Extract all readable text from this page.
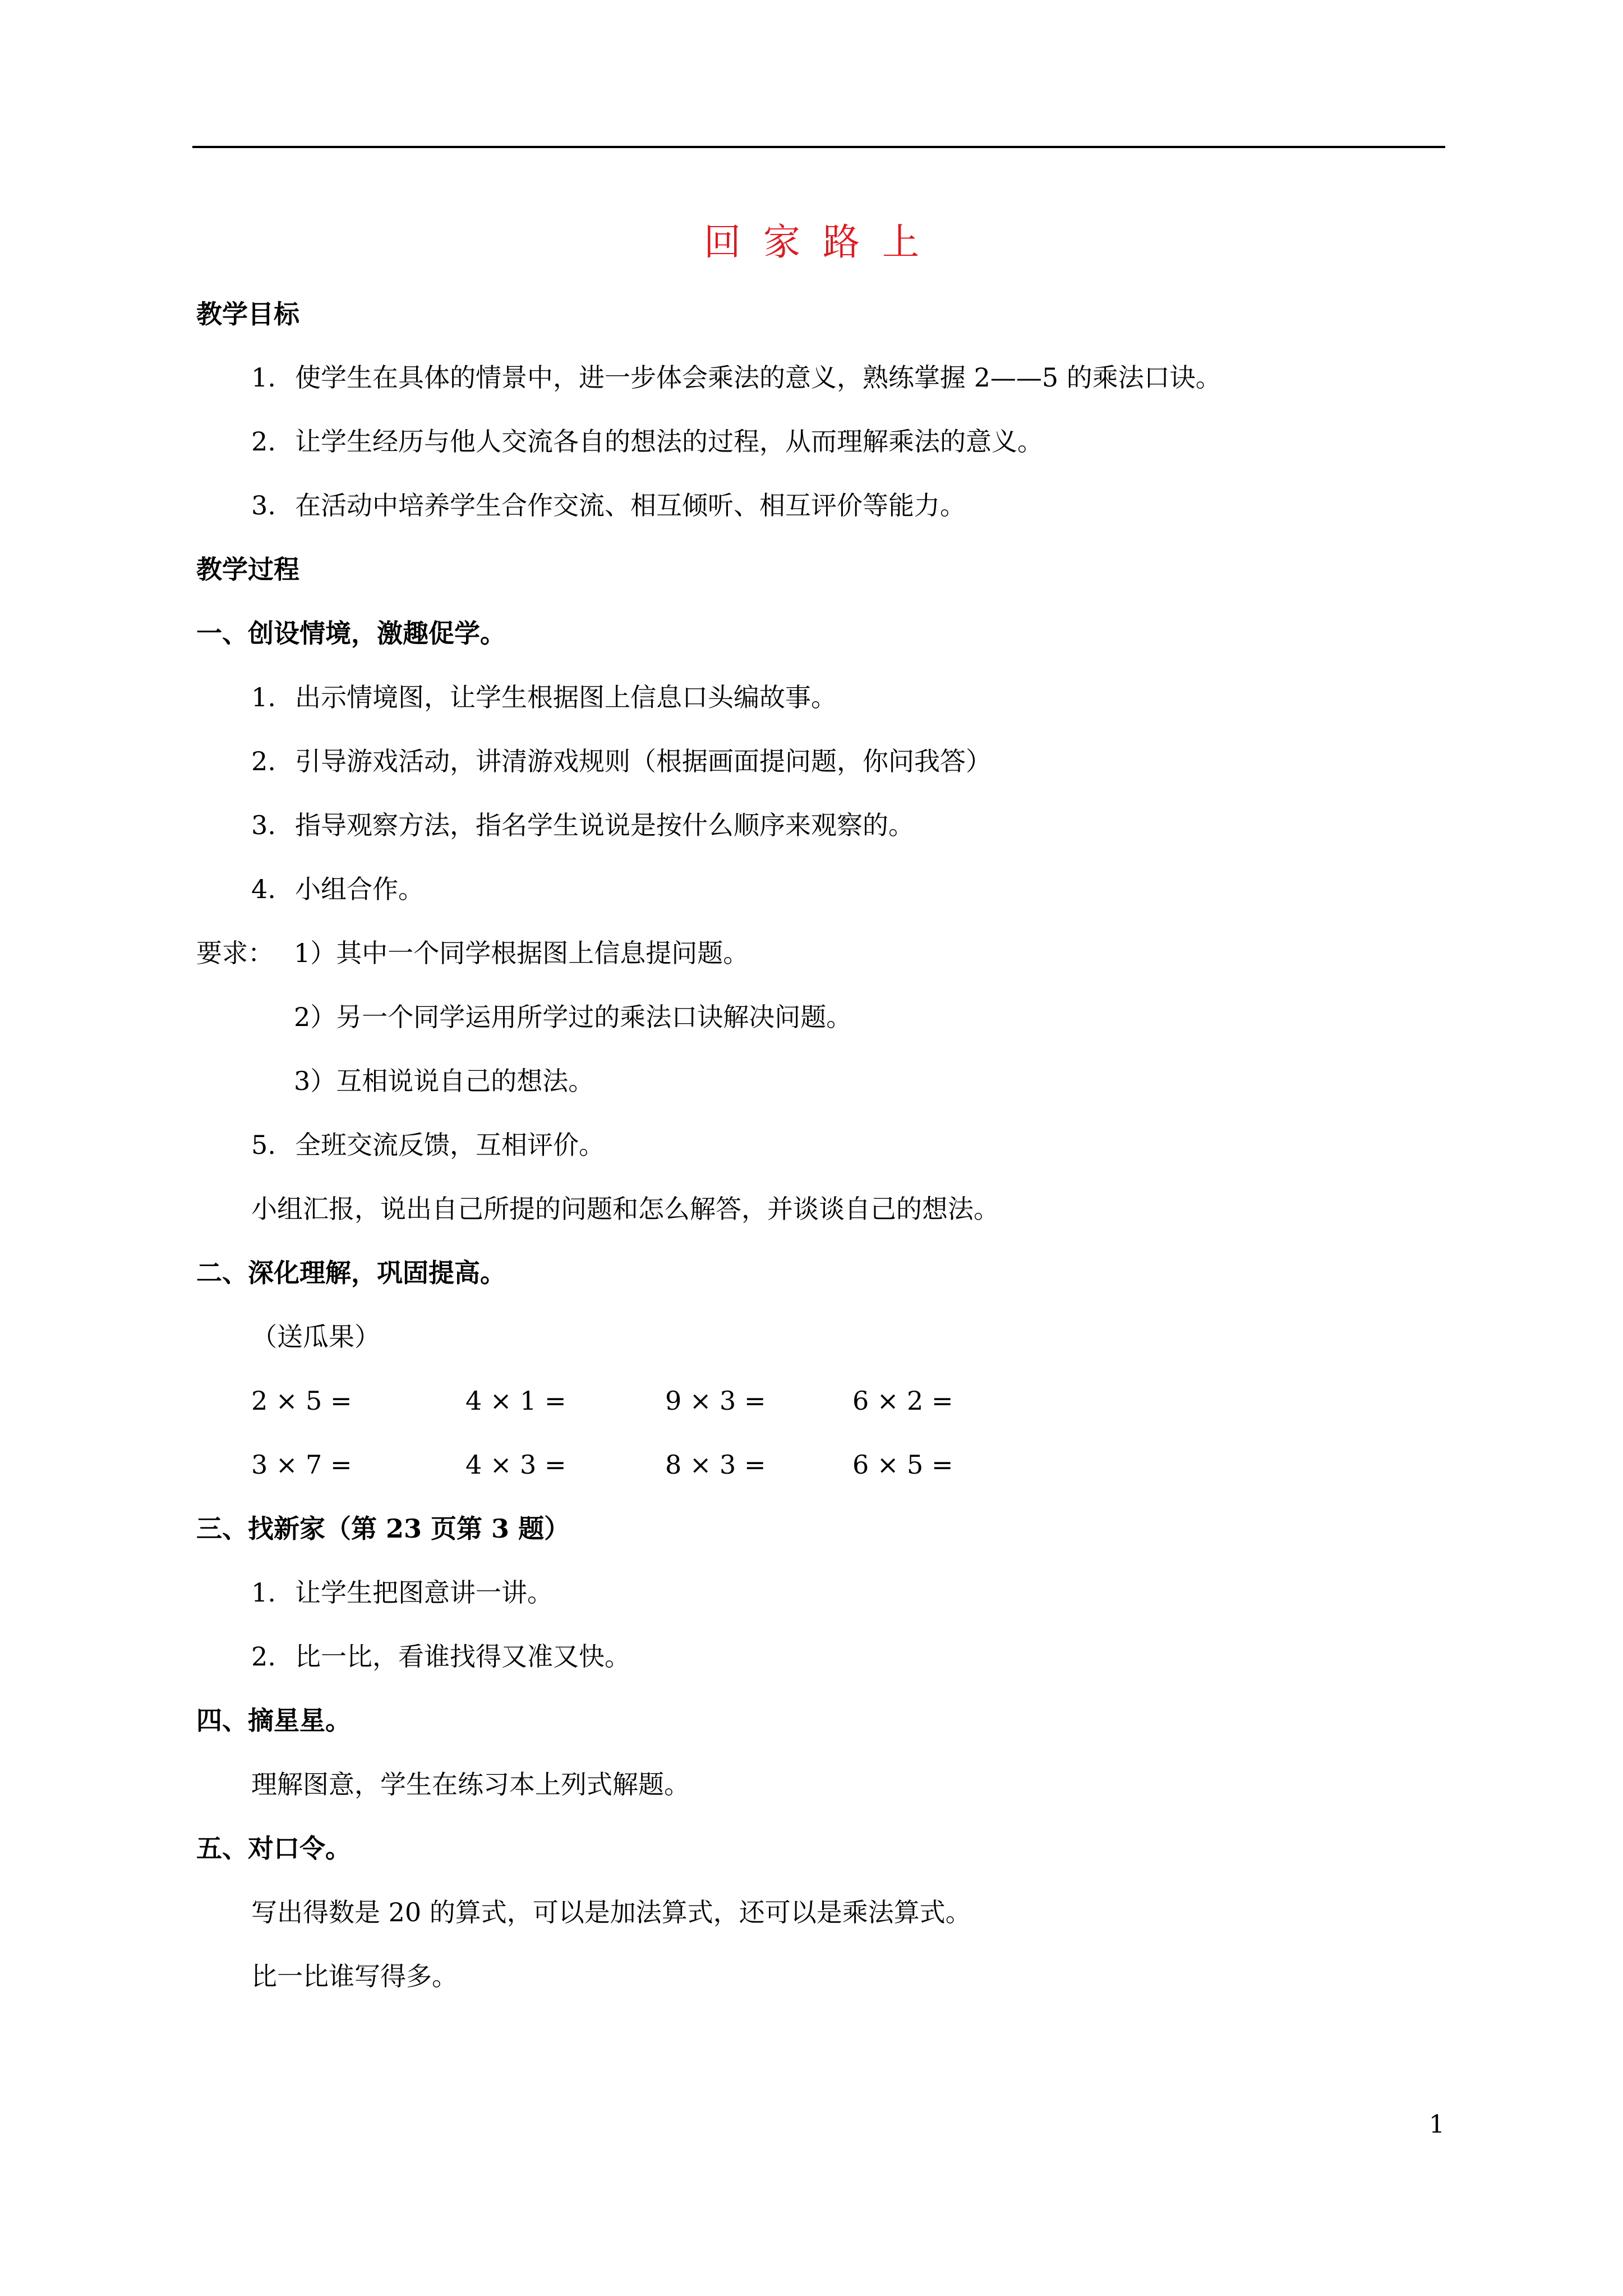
回家路上
教学目标
1. 使学生在具体的情景中，进一步体会乘法的意义，熟练掌握 2——5 的乘法口诀。
2. 让学生经历与他人交流各自的想法的过程，从而理解乘法的意义。
3. 在活动中培养学生合作交流、相互倾听、相互评价等能力。
教学过程
一、创设情境，激趣促学。
1. 出示情境图，让学生根据图上信息口头编故事。
2. 引导游戏活动，讲清游戏规则（根据画面提问题，你问我答）
3. 指导观察方法，指名学生说说是按什么顺序来观察的。
4. 小组合作。
要求： 1）其中一个同学根据图上信息提问题。
2）另一个同学运用所学过的乘法口诀解决问题。
3）互相说说自己的想法。
5. 全班交流反馈，互相评价。
小组汇报，说出自己所提的问题和怎么解答，并谈谈自己的想法。
二、深化理解，巩固提高。
（送瓜果）
2 × 5 =	4 × 1 =	9 × 3 =	6 × 2 =
3 × 7 =	4 × 3 =	8 × 3 =	6 × 5 =
三、找新家（第 23 页第 3 题）
1. 让学生把图意讲一讲。
2. 比一比，看谁找得又准又快。
四、摘星星。
理解图意，学生在练习本上列式解题。
五、对口令。
写出得数是 20 的算式，可以是加法算式，还可以是乘法算式。
比一比谁写得多。
1
